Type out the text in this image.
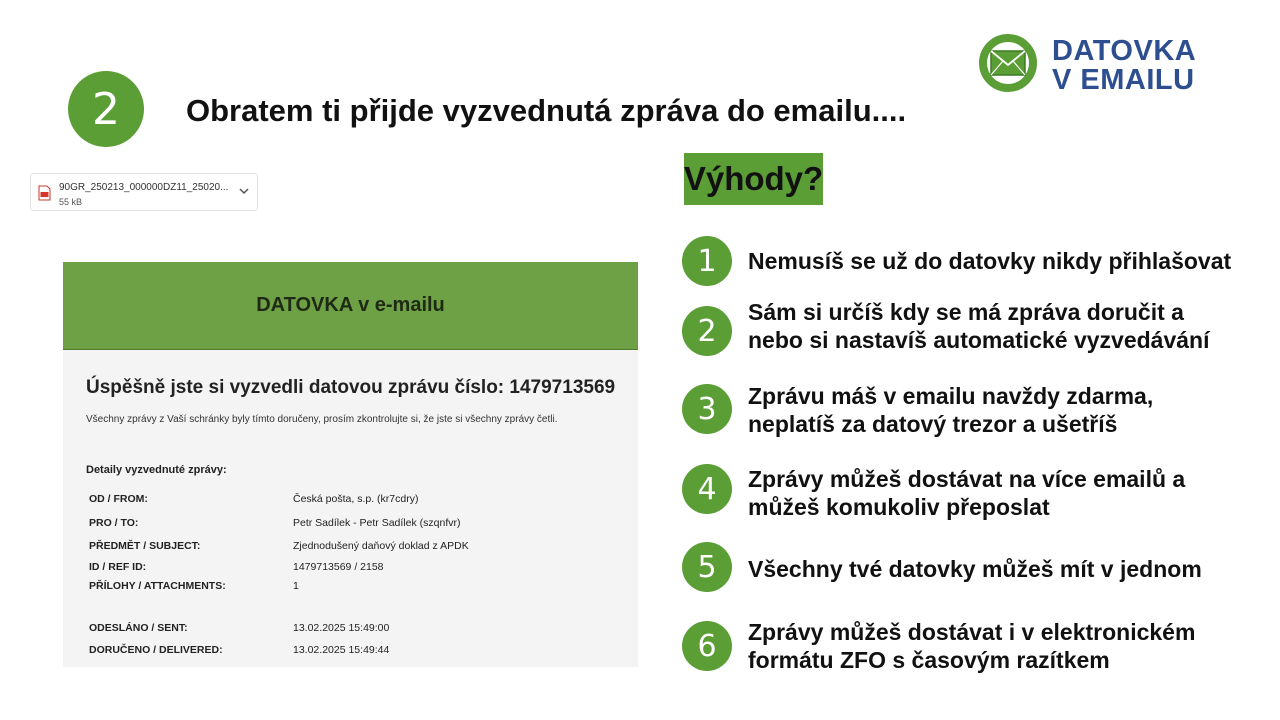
2	Obratem ti přijde vyzvednutá zpráva do emailu....
DATOVKA
V EMAILU
90GR_250213_000000DZ11_25020...
55 kB
DATOVKA v e-mailu
Úspěšně jste si vyzvedli datovou zprávu číslo: 1479713569
Všechny zprávy z Vaší schránky byly tímto doručeny, prosím zkontrolujte si, že jste si všechny zprávy četli.
Detaily vyzvednuté zprávy:
OD / FROM:	Česká pošta, s.p. (kr7cdry)
PRO / TO:	Petr Sadílek - Petr Sadílek (szqnfvr)
PŘEDMĚT / SUBJECT:	Zjednodušený daňový doklad z APDK
ID / REF ID:	1479713569 / 2158
PŘÍLOHY / ATTACHMENTS:	1
ODESLÁNO / SENT:	13.02.2025 15:49:00
DORUČENO / DELIVERED:	13.02.2025 15:49:44
Výhody?
1	Nemusíš se už do datovky nikdy přihlašovat
2
Sám si určíš kdy se má zpráva doručit a
nebo si nastavíš automatické vyzvedávání
3	Zprávu máš v emailu navždy zdarma,
neplatíš za datový trezor a ušetříš
4	Zprávy můžeš dostávat na více emailů a
můžeš komukoliv přeposlat
5	Všechny tvé datovky můžeš mít v jednom
6	Zprávy můžeš dostávat i v elektronickém
formátu ZFO s časovým razítkem
